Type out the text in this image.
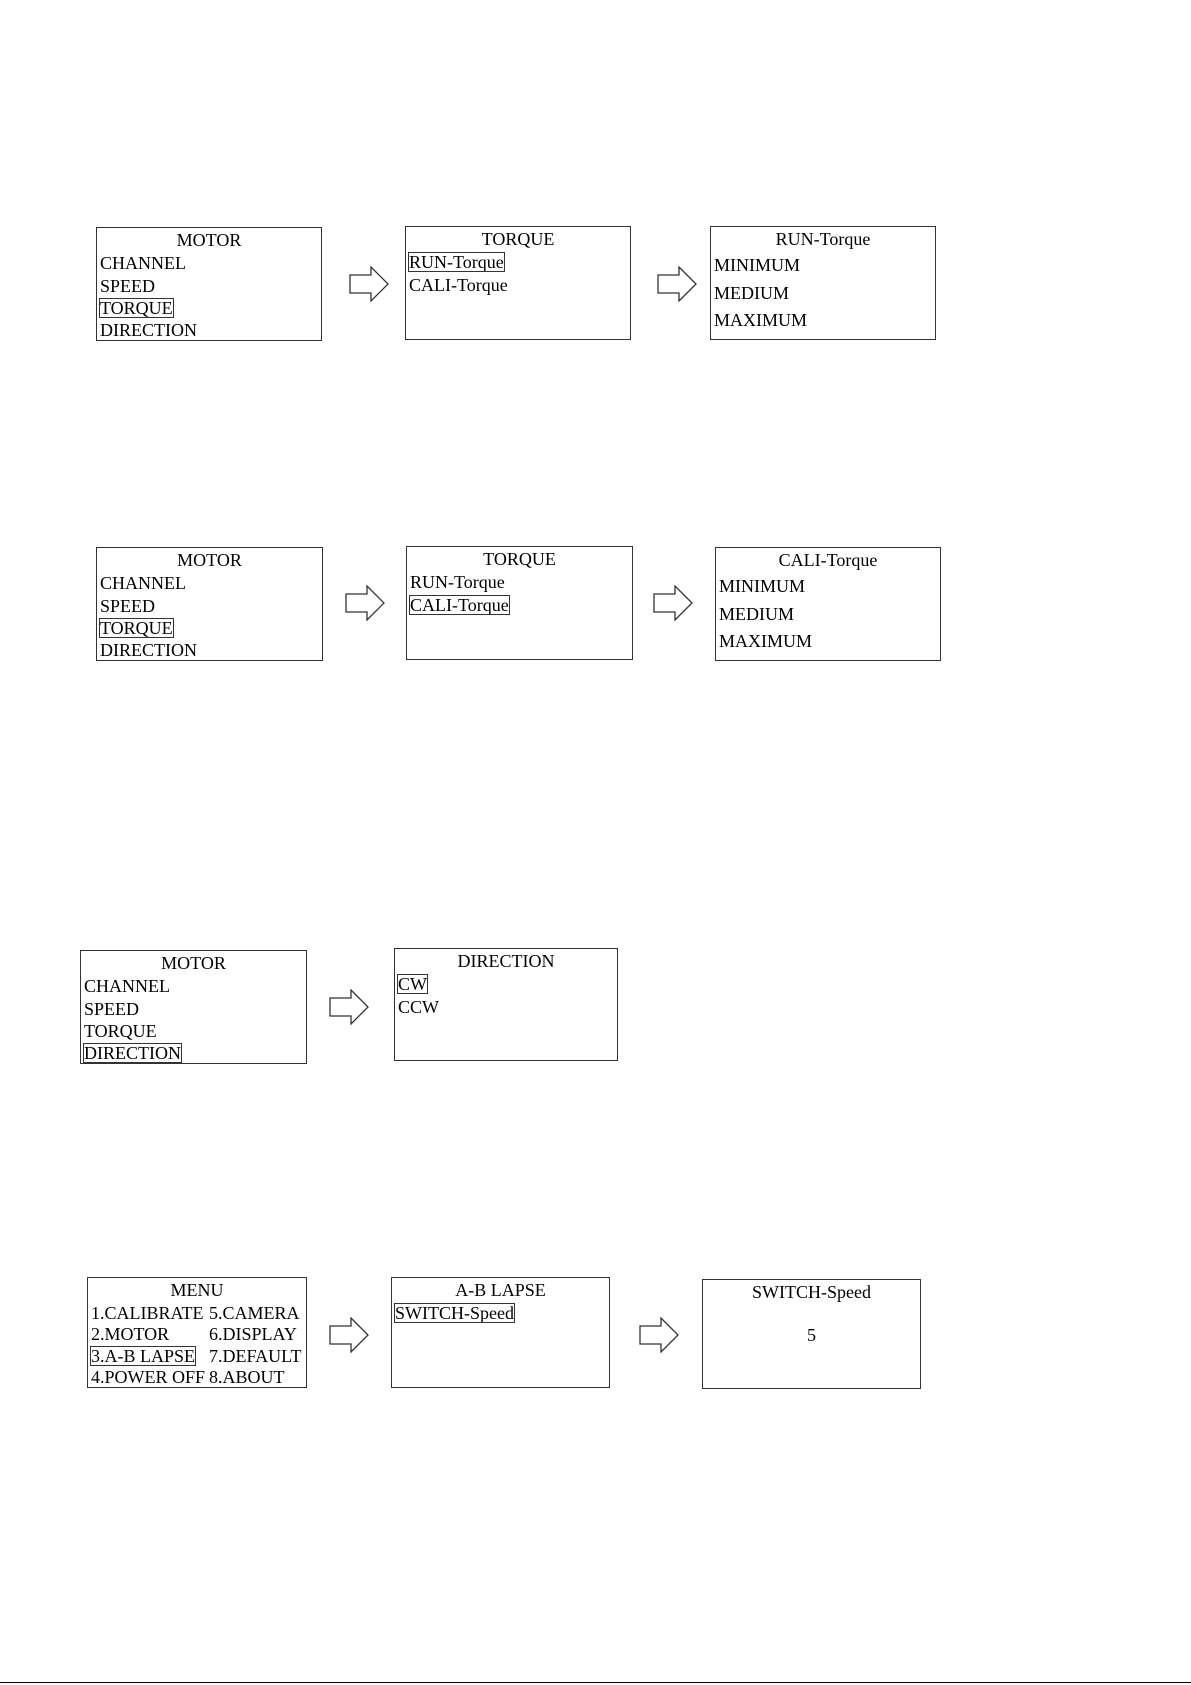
MOTOR
CHANNEL
SPEED
TORQUE
DIRECTION
TORQUE
RUN-Torque
CALI-Torque
RUN-Torque
MINIMUM
MEDIUM
MAXIMUM
MOTOR
CHANNEL
SPEED
TORQUE
DIRECTION
TORQUE
RUN-Torque
CALI-Torque
CALI-Torque
MINIMUM
MEDIUM
MAXIMUM
MOTOR
CHANNEL
SPEED
TORQUE
DIRECTION
DIRECTION
CW
CCW
MENU
1.CALIBRATE
2.MOTOR
3.A-B LAPSE
4.POWER OFF
5.CAMERA
6.DISPLAY
7.DEFAULT
8.ABOUT
A-B LAPSE
SWITCH-Speed
SWITCH-Speed
5
